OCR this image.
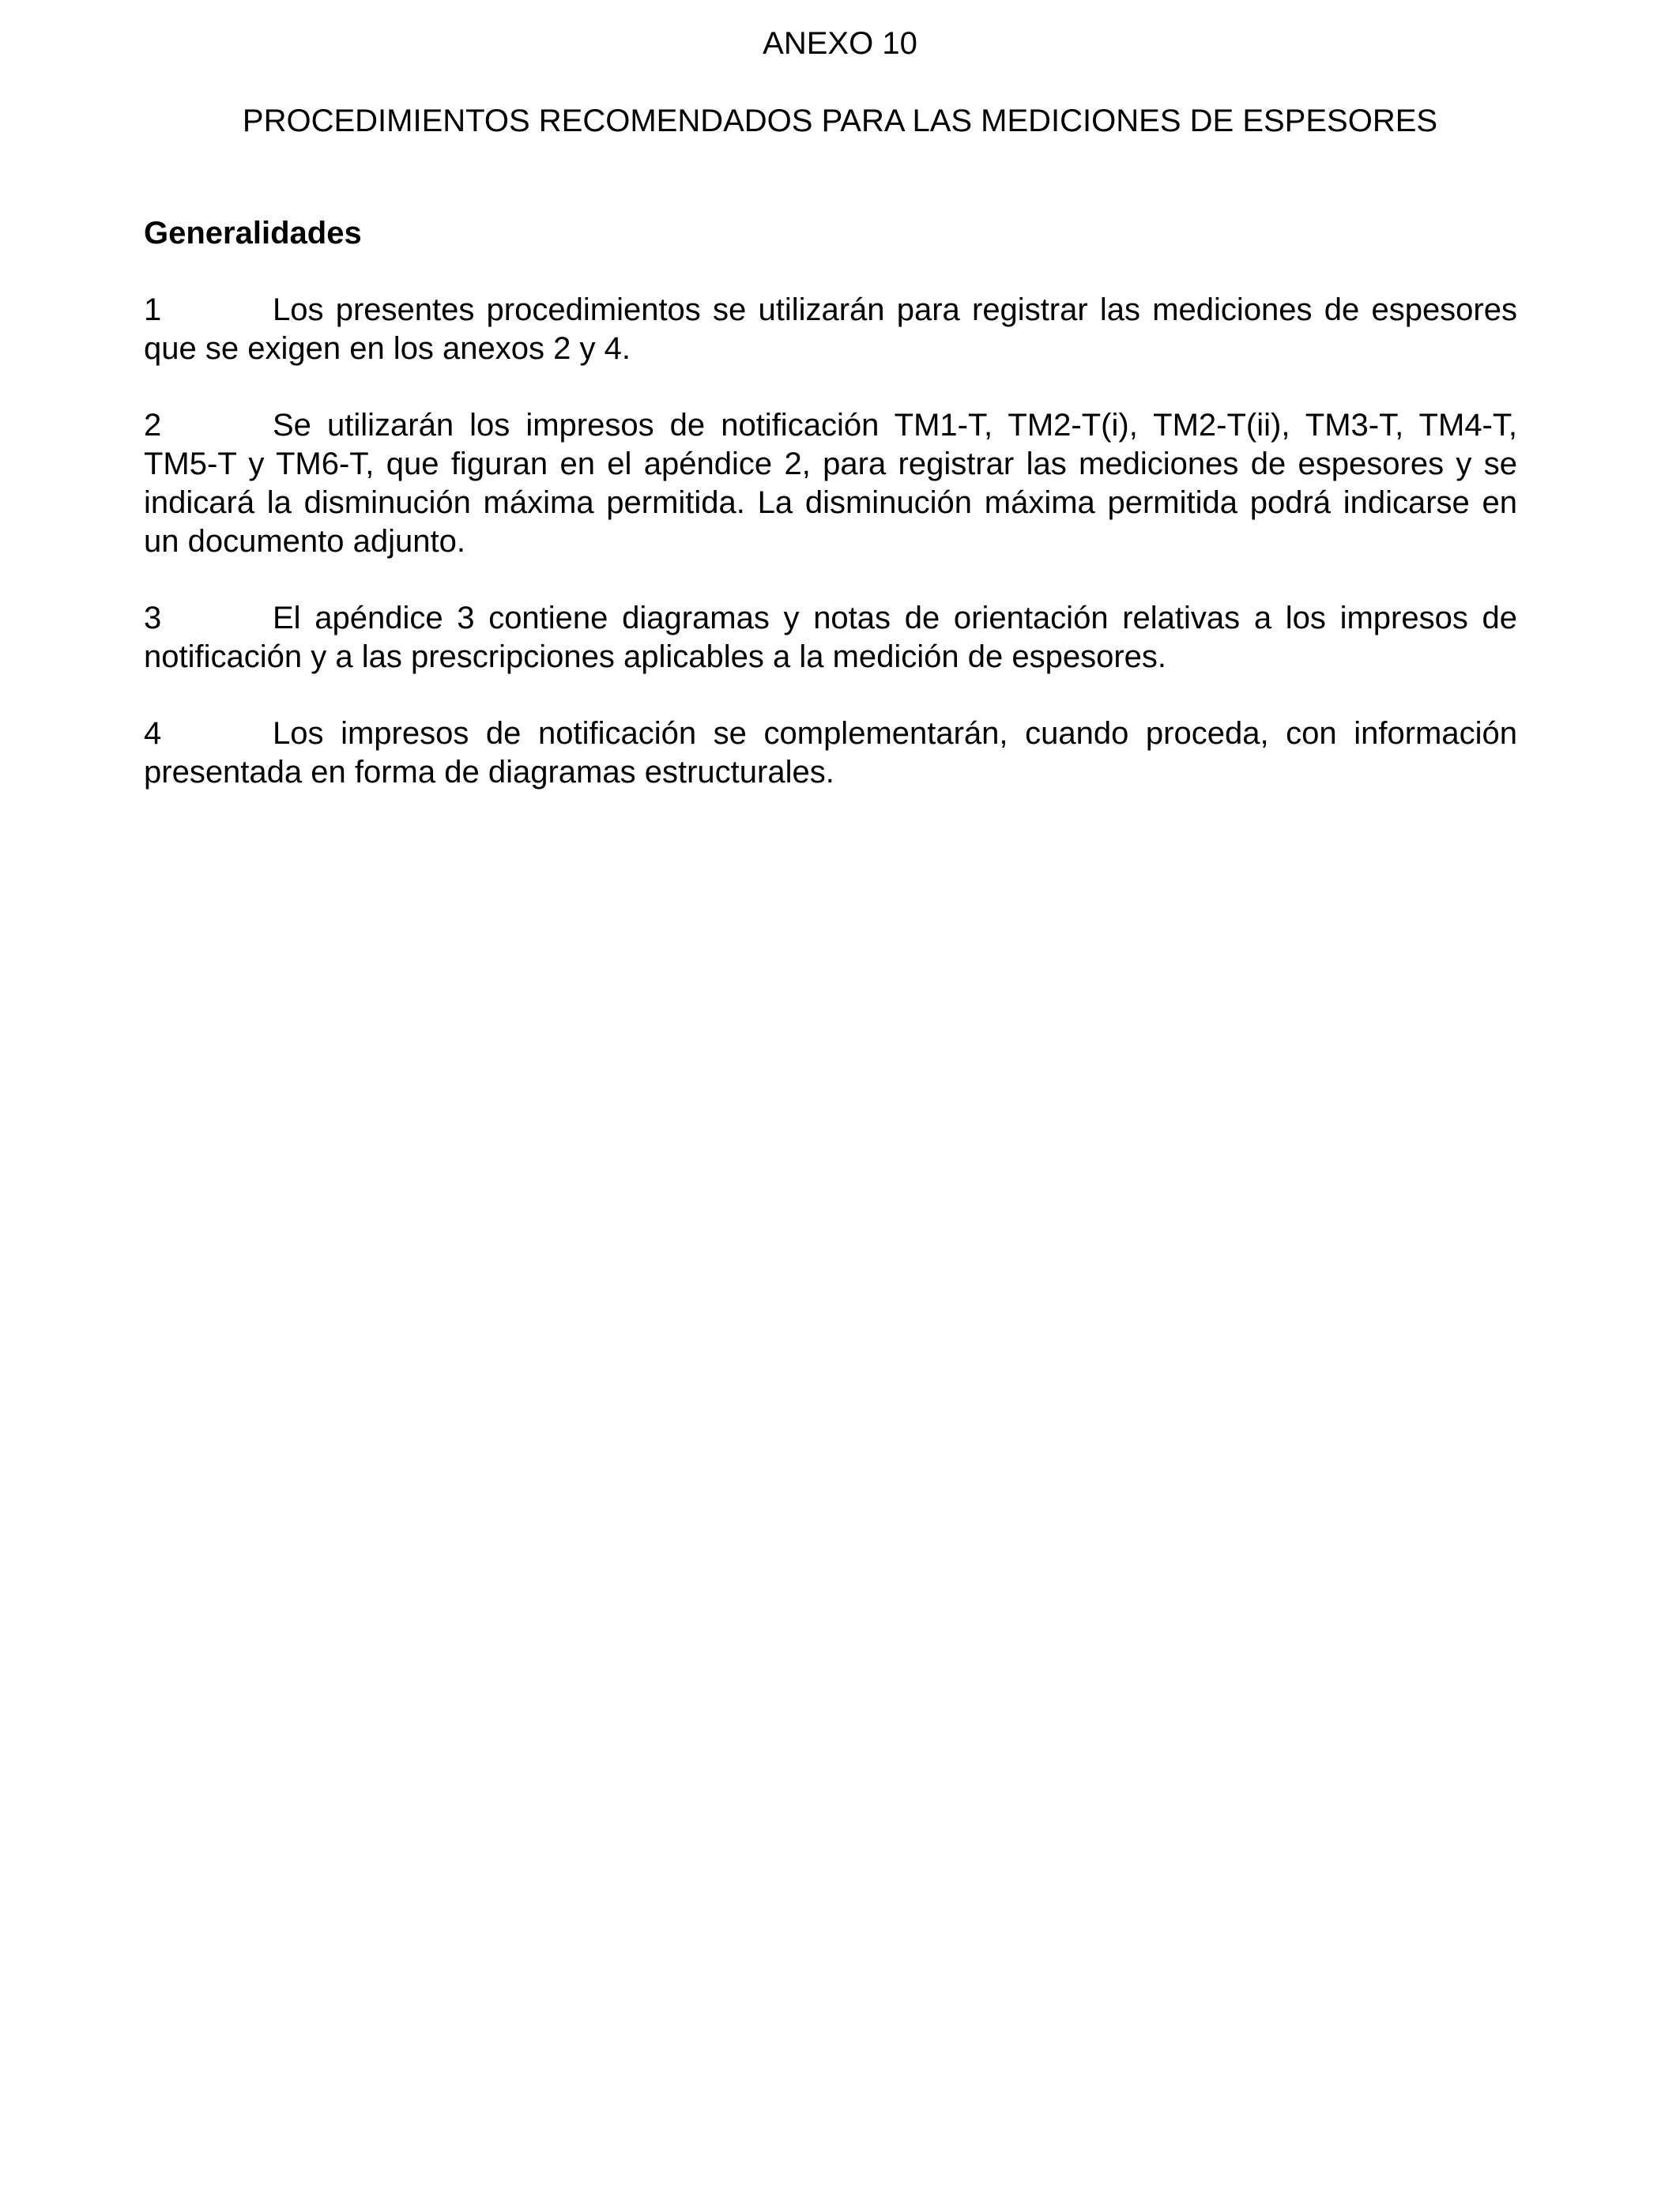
ANEXO 10
PROCEDIMIENTOS RECOMENDADOS PARA LAS MEDICIONES DE ESPESORES
Generalidades

1	Los presentes procedimientos se utilizarán para registrar las mediciones de espesores que se exigen en los anexos 2 y 4.

2	Se utilizarán los impresos de notificación TM1-T, TM2-T(i), TM2-T(ii), TM3-T, TM4-T, TM5-T y TM6-T, que figuran en el apéndice 2, para registrar las mediciones de espesores y se indicará la disminución máxima permitida. La disminución máxima permitida podrá indicarse en un documento adjunto.

3	El apéndice 3 contiene diagramas y notas de orientación relativas a los impresos de notificación y a las prescripciones aplicables a la medición de espesores.

4	Los impresos de notificación se complementarán, cuando proceda, con información presentada en forma de diagramas estructurales.
